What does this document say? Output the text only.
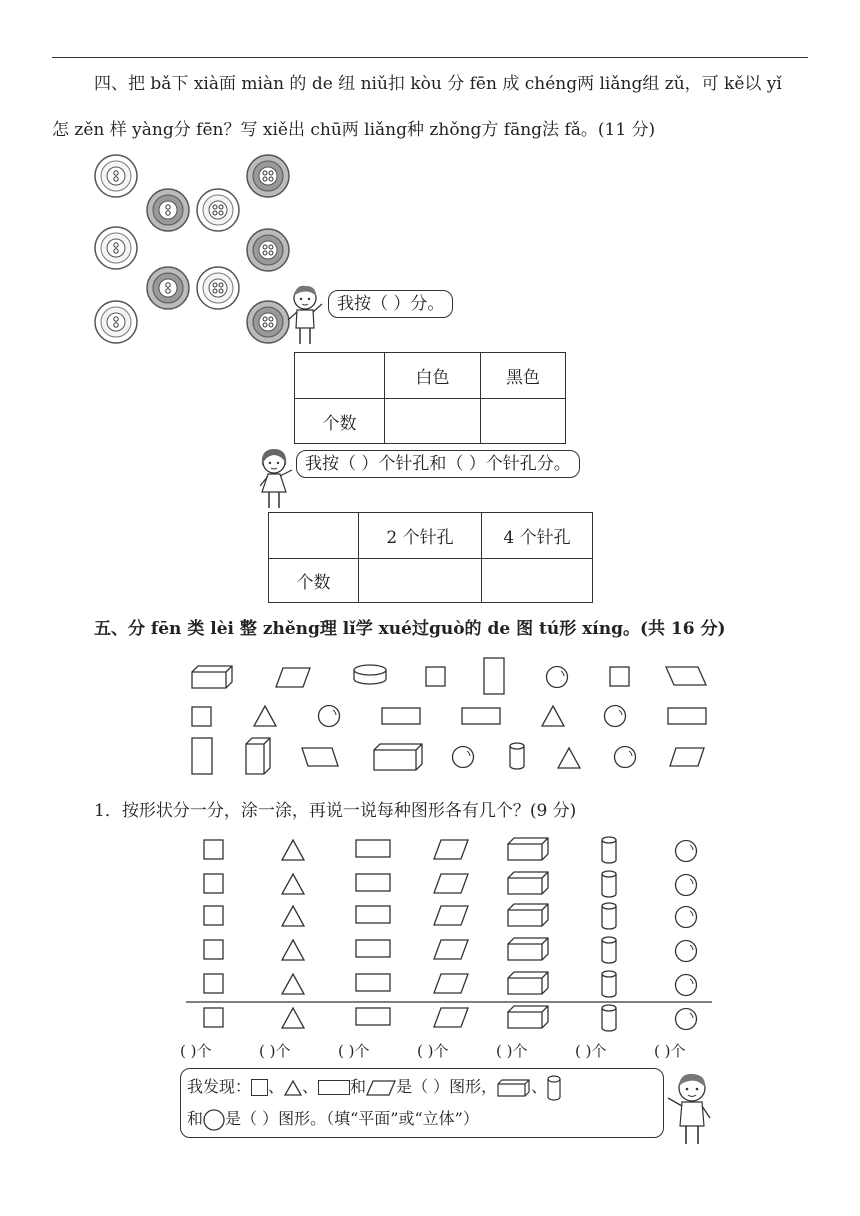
四、把 bǎ下 xià面 miàn 的 de 纽 niǔ扣 kòu 分 fēn 成 chéng两 liǎng组 zǔ，可 kě以 yǐ
怎 zěn 样 yàng分 fēn？写 xiě出 chū两 liǎng种 zhǒng方 fāng法 fǎ。(11 分)
我按（ ）分。
	白色	黑色
个数		
我按（ ）个针孔和（ ）个针孔分。
	2 个针孔	4 个针孔
个数		
五、分 fēn 类 lèi 整 zhěng理 lǐ学 xué过guò的 de 图 tú形 xíng。(共 16 分)
1．按形状分一分，涂一涂，再说一说每种图形各有几个？(9 分)
( )个	( )个	( )个	( )个	( )个	( )个	( )个
我发现： 、 、 和 是（ ）图形， 、
和 是（ ）图形。（填“平面”或“立体”）
